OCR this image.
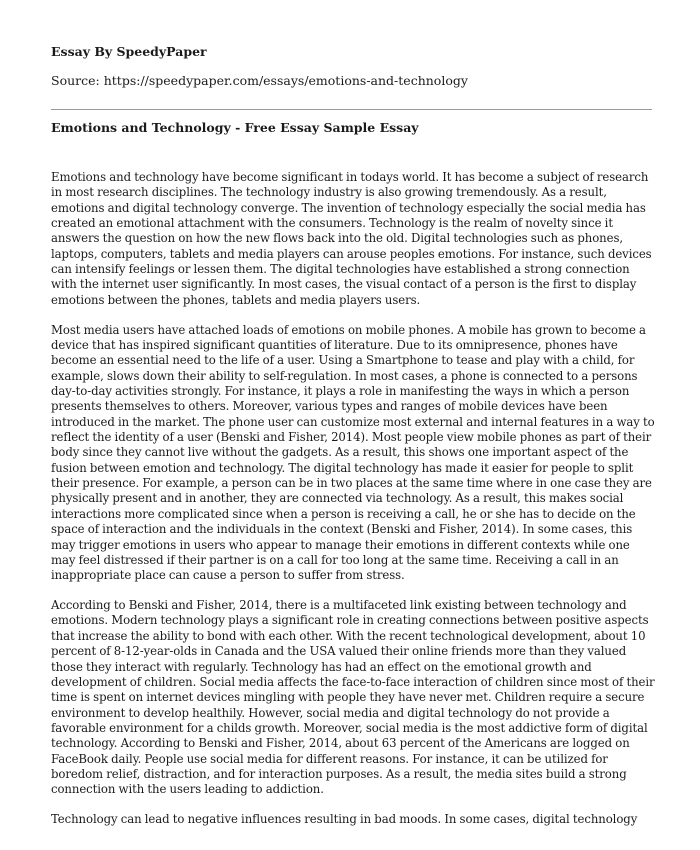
Essay By SpeedyPaper

Source: https://speedypaper.com/essays/emotions-and-technology

Emotions and Technology - Free Essay Sample Essay

Emotions and technology have become significant in todays world. It has become a subject of research in most research disciplines. The technology industry is also growing tremendously. As a result, emotions and digital technology converge. The invention of technology especially the social media has created an emotional attachment with the consumers. Technology is the realm of novelty since it answers the question on how the new flows back into the old. Digital technologies such as phones, laptops, computers, tablets and media players can arouse peoples emotions. For instance, such devices can intensify feelings or lessen them. The digital technologies have established a strong connection with the internet user significantly. In most cases, the visual contact of a person is the first to display emotions between the phones, tablets and media players users.

Most media users have attached loads of emotions on mobile phones. A mobile has grown to become a device that has inspired significant quantities of literature. Due to its omnipresence, phones have become an essential need to the life of a user. Using a Smartphone to tease and play with a child, for example, slows down their ability to self-regulation. In most cases, a phone is connected to a persons day-to-day activities strongly. For instance, it plays a role in manifesting the ways in which a person presents themselves to others. Moreover, various types and ranges of mobile devices have been introduced in the market. The phone user can customize most external and internal features in a way to reflect the identity of a user (Benski and Fisher, 2014). Most people view mobile phones as part of their body since they cannot live without the gadgets. As a result, this shows one important aspect of the fusion between emotion and technology. The digital technology has made it easier for people to split their presence. For example, a person can be in two places at the same time where in one case they are physically present and in another, they are connected via technology. As a result, this makes social interactions more complicated since when a person is receiving a call, he or she has to decide on the space of interaction and the individuals in the context (Benski and Fisher, 2014). In some cases, this may trigger emotions in users who appear to manage their emotions in different contexts while one may feel distressed if their partner is on a call for too long at the same time. Receiving a call in an inappropriate place can cause a person to suffer from stress.

According to Benski and Fisher, 2014, there is a multifaceted link existing between technology and emotions. Modern technology plays a significant role in creating connections between positive aspects that increase the ability to bond with each other. With the recent technological development, about 10 percent of 8-12-year-olds in Canada and the USA valued their online friends more than they valued those they interact with regularly. Technology has had an effect on the emotional growth and development of children. Social media affects the face-to-face interaction of children since most of their time is spent on internet devices mingling with people they have never met. Children require a secure environment to develop healthily. However, social media and digital technology do not provide a favorable environment for a childs growth. Moreover, social media is the most addictive form of digital technology. According to Benski and Fisher, 2014, about 63 percent of the Americans are logged on FaceBook daily. People use social media for different reasons. For instance, it can be utilized for boredom relief, distraction, and for interaction purposes. As a result, the media sites build a strong connection with the users leading to addiction.

Technology can lead to negative influences resulting in bad moods. In some cases, digital technology
